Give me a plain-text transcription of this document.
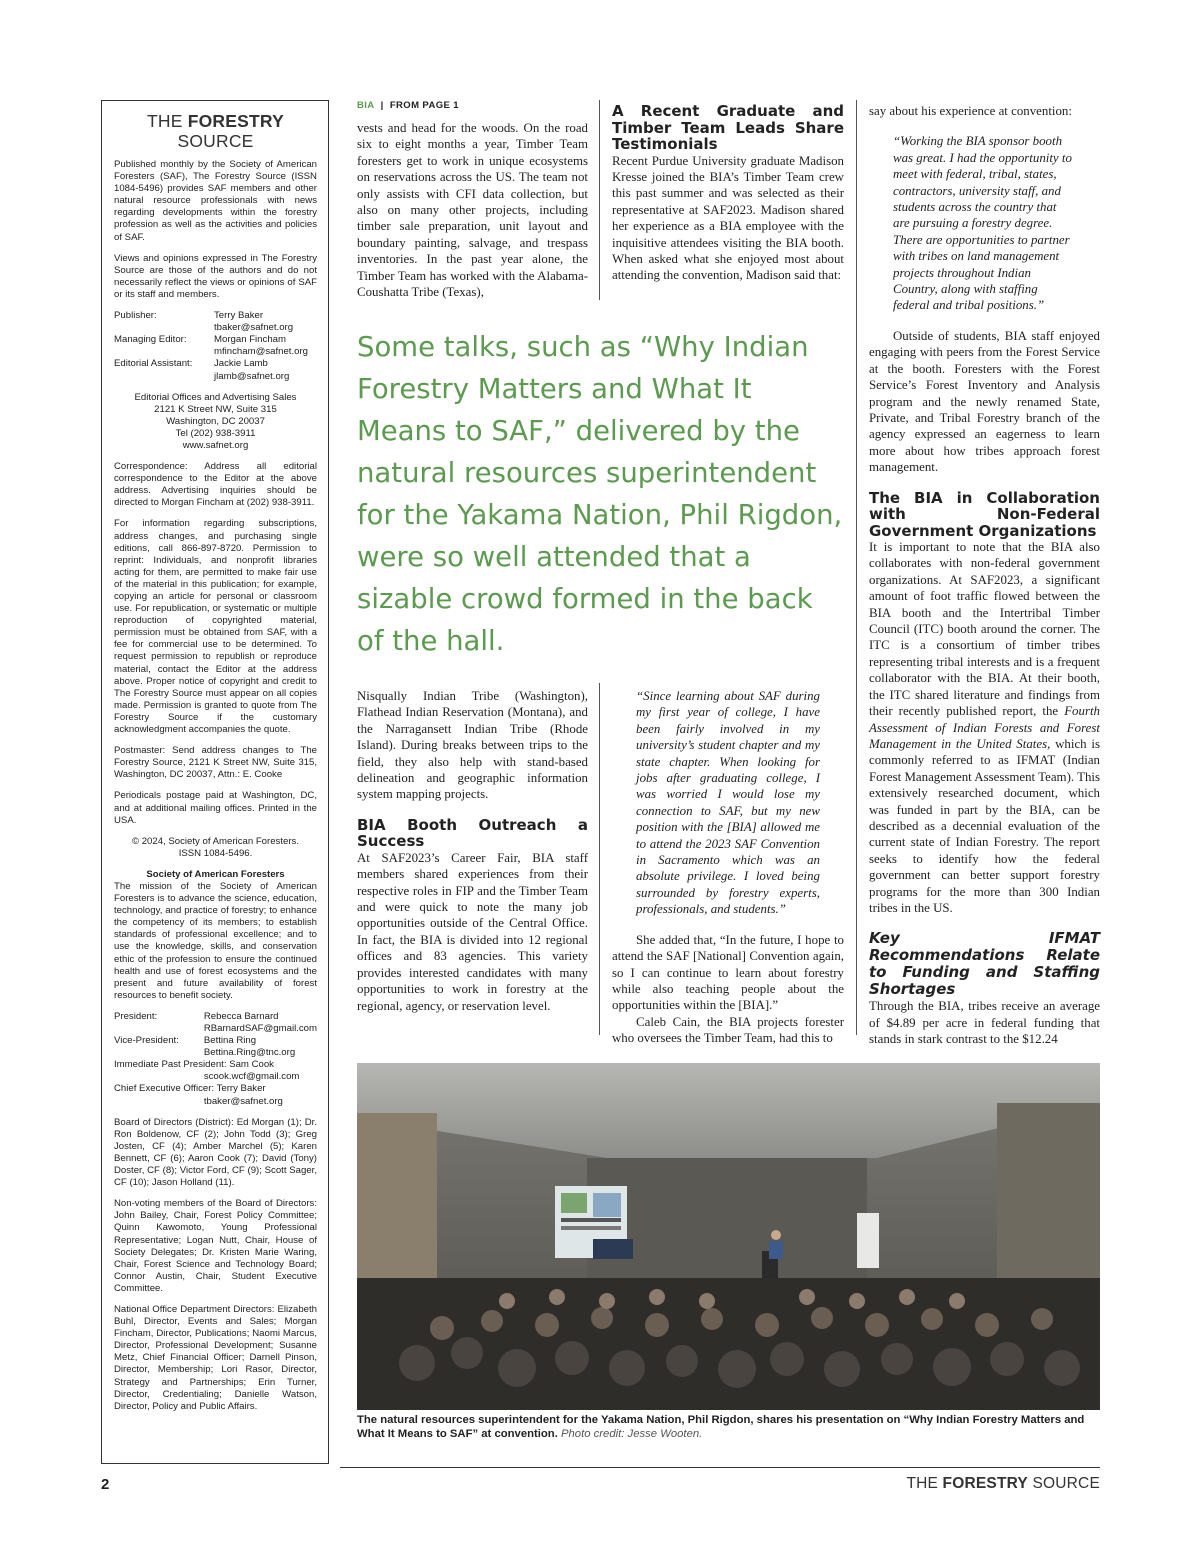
THE FORESTRY SOURCE

Published monthly by the Society of American Foresters (SAF), The Forestry Source (ISSN 1084-5496) provides SAF members and other natural resource professionals with news regarding developments within the forestry profession as well as the activities and policies of SAF.

Views and opinions expressed in The Forestry Source are those of the authors and do not necessarily reflect the views or opinions of SAF or its staff and members.

Publisher:	Terry Baker
	tbaker@safnet.org
Managing Editor:	Morgan Fincham
	mfincham@safnet.org
Editorial Assistant:	Jackie Lamb
	jlamb@safnet.org
Editorial Offices and Advertising Sales
2121 K Street NW, Suite 315
Washington, DC 20037
Tel (202) 938-3911
www.safnet.org

Correspondence: Address all editorial correspondence to the Editor at the above address. Advertising inquiries should be directed to Morgan Fincham at (202) 938-3911.

For information regarding subscriptions, address changes, and purchasing single editions, call 866-897-8720. Permission to reprint: Individuals, and nonprofit libraries acting for them, are permitted to make fair use of the material in this publication; for example, copying an article for personal or classroom use. For republication, or systematic or multiple reproduction of copyrighted material, permission must be obtained from SAF, with a fee for commercial use to be determined. To request permission to republish or reproduce material, contact the Editor at the address above. Proper notice of copyright and credit to The Forestry Source must appear on all copies made. Permission is granted to quote from The Forestry Source if the customary acknowledgment accompanies the quote.

Postmaster: Send address changes to The Forestry Source, 2121 K Street NW, Suite 315, Washington, DC 20037, Attn.: E. Cooke

Periodicals postage paid at Washington, DC, and at additional mailing offices. Printed in the USA.

© 2024, Society of American Foresters.
ISSN 1084-5496.
Society of American Foresters

The mission of the Society of American Foresters is to advance the science, education, technology, and practice of forestry; to enhance the competency of its members; to establish standards of professional excellence; and to use the knowledge, skills, and conservation ethic of the profession to ensure the continued health and use of forest ecosystems and the present and future availability of forest resources to benefit society.

President:	Rebecca Barnard
	RBarnardSAF@gmail.com
Vice-President:	Bettina Ring
	Bettina.Ring@tnc.org
Immediate Past President: Sam Cook	
	scook.wcf@gmail.com
Chief Executive Officer: Terry Baker	
	tbaker@safnet.org

Board of Directors (District): Ed Morgan (1); Dr. Ron Boldenow, CF (2); John Todd (3); Greg Josten, CF (4); Amber Marchel (5); Karen Bennett, CF (6); Aaron Cook (7); David (Tony) Doster, CF (8); Victor Ford, CF (9); Scott Sager, CF (10); Jason Holland (11).

Non-voting members of the Board of Directors: John Bailey, Chair, Forest Policy Committee; Quinn Kawomoto, Young Professional Representative; Logan Nutt, Chair, House of Society Delegates; Dr. Kristen Marie Waring, Chair, Forest Science and Technology Board; Connor Austin, Chair, Student Executive Committee.

National Office Department Directors: Elizabeth Buhl, Director, Events and Sales; Morgan Fincham, Director, Publications; Naomi Marcus, Director, Professional Development; Susanne Metz, Chief Financial Officer; Darnell Pinson, Director, Membership; Lori Rasor, Director, Strategy and Partnerships; Erin Turner, Director, Credentialing; Danielle Watson, Director, Policy and Public Affairs.

BIA | FROM PAGE 1

vests and head for the woods. On the road six to eight months a year, Timber Team foresters get to work in unique ecosystems on reservations across the US. The team not only assists with CFI data collection, but also on many other projects, including timber sale preparation, unit layout and boundary painting, salvage, and trespass inventories. In the past year alone, the Timber Team has worked with the Alabama-Coushatta Tribe (Texas),

A Recent Graduate and Timber Team Leads Share Testimonials

Recent Purdue University graduate Madison Kresse joined the BIA’s Timber Team crew this past summer and was selected as their representative at SAF2023. Madison shared her experience as a BIA employee with the inquisitive attendees visiting the BIA booth. When asked what she enjoyed most about attending the convention, Madison said that:

Some talks, such as “Why Indian Forestry Matters and What It Means to SAF,” delivered by the natural resources superintendent for the Yakama Nation, Phil Rigdon, were so well attended that a sizable crowd formed in the back of the hall.

Nisqually Indian Tribe (Washington), Flathead Indian Reservation (Montana), and the Narragansett Indian Tribe (Rhode Island). During breaks between trips to the field, they also help with stand-based delineation and geographic information system mapping projects.

BIA Booth Outreach a Success

At SAF2023’s Career Fair, BIA staff members shared experiences from their respective roles in FIP and the Timber Team and were quick to note the many job opportunities outside of the Central Office. In fact, the BIA is divided into 12 regional offices and 83 agencies. This variety provides interested candidates with many opportunities to work in forestry at the regional, agency, or reservation level.

“Since learning about SAF during my first year of college, I have been fairly involved in my university’s student chapter and my state chapter. When looking for jobs after graduating college, I was worried I would lose my connection to SAF, but my new position with the [BIA] allowed me to attend the 2023 SAF Convention in Sacramento which was an absolute privilege. I loved being surrounded by forestry experts, professionals, and students.”

She added that, “In the future, I hope to attend the SAF [National] Convention again, so I can continue to learn about forestry while also teaching people about the opportunities within the [BIA].”

Caleb Cain, the BIA projects forester who oversees the Timber Team, had this to

say about his experience at convention:

“Working the BIA sponsor booth was great. I had the opportunity to meet with federal, tribal, states, contractors, university staff, and students across the country that are pursuing a forestry degree. There are opportunities to partner with tribes on land management projects throughout Indian Country, along with staffing federal and tribal positions.”

Outside of students, BIA staff enjoyed engaging with peers from the Forest Service at the booth. Foresters with the Forest Service’s Forest Inventory and Analysis program and the newly renamed State, Private, and Tribal Forestry branch of the agency expressed an eagerness to learn more about how tribes approach forest management.

The BIA in Collaboration with Non-Federal Government Organizations

It is important to note that the BIA also collaborates with non-federal government organizations. At SAF2023, a significant amount of foot traffic flowed between the BIA booth and the Intertribal Timber Council (ITC) booth around the corner. The ITC is a consortium of timber tribes representing tribal interests and is a frequent collaborator with the BIA. At their booth, the ITC shared literature and findings from their recently published report, the Fourth Assessment of Indian Forests and Forest Management in the United States, which is commonly referred to as IFMAT (Indian Forest Management Assessment Team). This extensively researched document, which was funded in part by the BIA, can be described as a decennial evaluation of the current state of Indian Forestry. The report seeks to identify how the federal government can better support forestry programs for the more than 300 Indian tribes in the US.

Key IFMAT Recommendations Relate to Funding and Staffing Shortages

Through the BIA, tribes receive an average of $4.89 per acre in federal funding that stands in stark contrast to the $12.24

The natural resources superintendent for the Yakama Nation, Phil Rigdon, shares his presentation on “Why Indian Forestry Matters and What It Means to SAF” at convention. Photo credit: Jesse Wooten.
2	THE FORESTRY SOURCE
